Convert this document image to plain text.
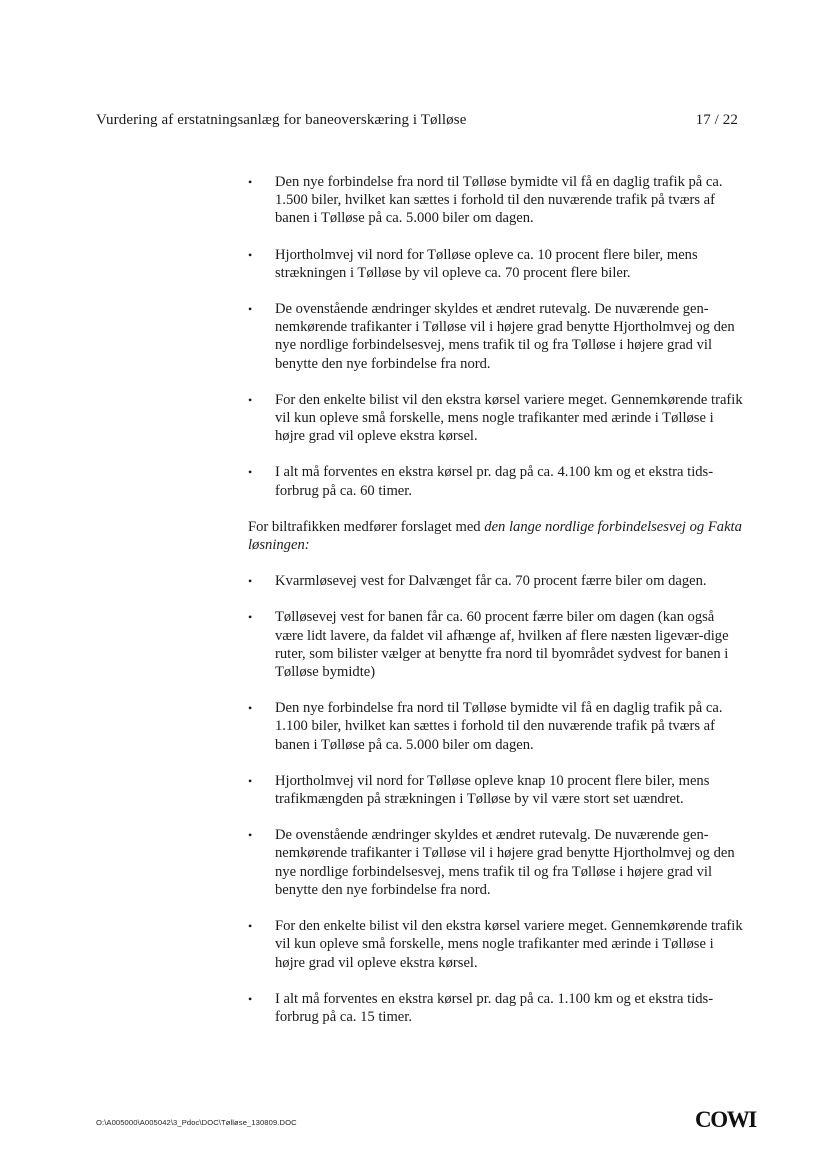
Vurdering af erstatningsanlæg for baneoverskæring i Tølløse	17 / 22
•	Den nye forbindelse fra nord til Tølløse bymidte vil få en daglig trafik på ca. 1.500 biler, hvilket kan sættes i forhold til den nuværende trafik på tværs af banen i Tølløse på ca. 5.000 biler om dagen.
•	Hjortholmvej vil nord for Tølløse opleve ca. 10 procent flere biler, mens strækningen i Tølløse by vil opleve ca. 70 procent flere biler.
•	De ovenstående ændringer skyldes et ændret rutevalg. De nuværende gen-nemkørende trafikanter i Tølløse vil i højere grad benytte Hjortholmvej og den nye nordlige forbindelsesvej, mens trafik til og fra Tølløse i højere grad vil benytte den nye forbindelse fra nord.
•	For den enkelte bilist vil den ekstra kørsel variere meget. Gennemkørende trafik vil kun opleve små forskelle, mens nogle trafikanter med ærinde i Tølløse i højre grad vil opleve ekstra kørsel.
•	I alt må forventes en ekstra kørsel pr. dag på ca. 4.100 km og et ekstra tids-forbrug på ca. 60 timer.

For biltrafikken medfører forslaget med den lange nordlige forbindelsesvej og Fakta løsningen:

•	Kvarmløsevej vest for Dalvænget får ca. 70 procent færre biler om dagen.
•	Tølløsevej vest for banen får ca. 60 procent færre biler om dagen (kan også være lidt lavere, da faldet vil afhænge af, hvilken af flere næsten ligevær-dige ruter, som bilister vælger at benytte fra nord til byområdet sydvest for banen i Tølløse bymidte)
•	Den nye forbindelse fra nord til Tølløse bymidte vil få en daglig trafik på ca. 1.100 biler, hvilket kan sættes i forhold til den nuværende trafik på tværs af banen i Tølløse på ca. 5.000 biler om dagen.
•	Hjortholmvej vil nord for Tølløse opleve knap 10 procent flere biler, mens trafikmængden på strækningen i Tølløse by vil være stort set uændret.
•	De ovenstående ændringer skyldes et ændret rutevalg. De nuværende gen-nemkørende trafikanter i Tølløse vil i højere grad benytte Hjortholmvej og den nye nordlige forbindelsesvej, mens trafik til og fra Tølløse i højere grad vil benytte den nye forbindelse fra nord.
•	For den enkelte bilist vil den ekstra kørsel variere meget. Gennemkørende trafik vil kun opleve små forskelle, mens nogle trafikanter med ærinde i Tølløse i højre grad vil opleve ekstra kørsel.
•	I alt må forventes en ekstra kørsel pr. dag på ca. 1.100 km og et ekstra tids-forbrug på ca. 15 timer.
O:\A005000\A005042\3_Pdoc\DOC\Tølløse_130809.DOC	COWI
